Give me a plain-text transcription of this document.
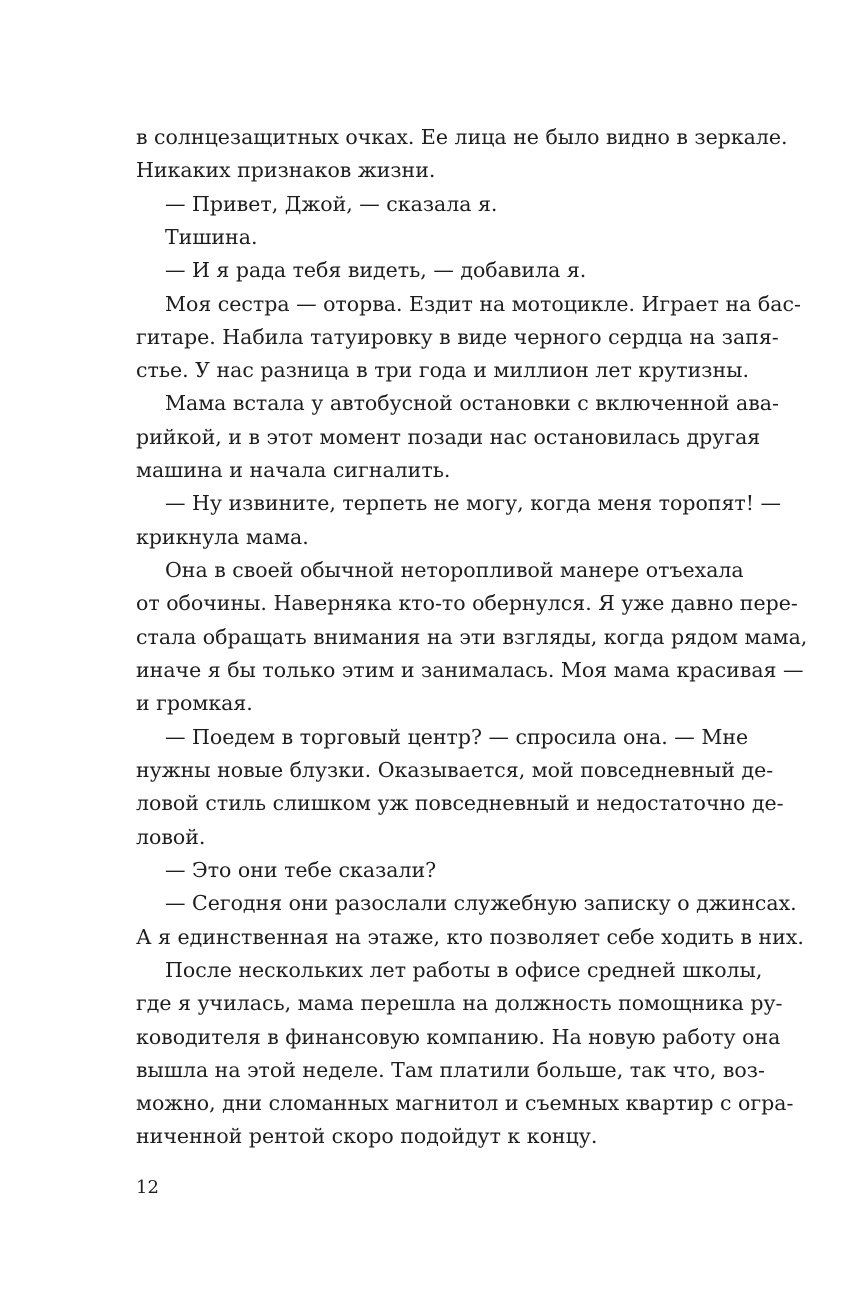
в солнцезащитных очках. Ее лица не было видно в зеркале.
Никаких признаков жизни.
— Привет, Джой, — сказала я.
Тишина.
— И я рада тебя видеть, — добавила я.
Моя сестра — оторва. Ездит на мотоцикле. Играет на бас-
гитаре. Набила татуировку в виде черного сердца на запя-
стье. У нас разница в три года и миллион лет крутизны.
Мама встала у автобусной остановки с включенной ава-
рийкой, и в этот момент позади нас остановилась другая
машина и начала сигналить.
— Ну извините, терпеть не могу, когда меня торопят! —
крикнула мама.
Она в своей обычной неторопливой манере отъехала
от обочины. Наверняка кто-то обернулся. Я уже давно пере-
стала обращать внимания на эти взгляды, когда рядом мама,
иначе я бы только этим и занималась. Моя мама красивая —
и громкая.
— Поедем в торговый центр? — спросила она. — Мне
нужны новые блузки. Оказывается, мой повседневный де-
ловой стиль слишком уж повседневный и недостаточно де-
ловой.
— Это они тебе сказали?
— Сегодня они разослали служебную записку о джинсах.
А я единственная на этаже, кто позволяет себе ходить в них.
После нескольких лет работы в офисе средней школы,
где я училась, мама перешла на должность помощника ру-
ководителя в финансовую компанию. На новую работу она
вышла на этой неделе. Там платили больше, так что, воз-
можно, дни сломанных магнитол и съемных квартир с огра-
ниченной рентой скоро подойдут к концу.
12
